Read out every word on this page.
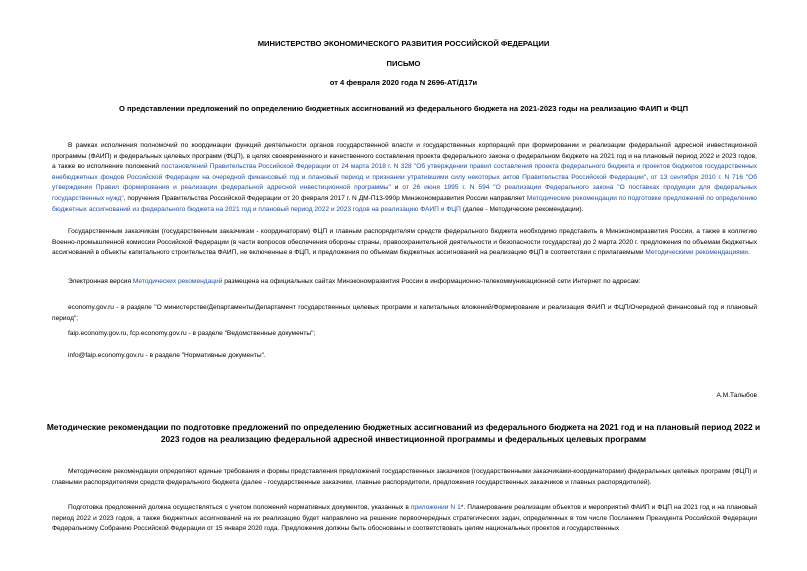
МИНИСТЕРСТВО ЭКОНОМИЧЕСКОГО РАЗВИТИЯ РОССИЙСКОЙ ФЕДЕРАЦИИ
ПИСЬМО
от 4 февраля 2020 года N 2696-АТ/Д17и
О представлении предложений по определению бюджетных ассигнований из федерального бюджета на 2021-2023 годы на реализацию ФАИП и ФЦП
В рамках исполнения полномочий по координации функций деятельности органов государственной власти и государственных корпораций при формировании и реализации федеральной адресной инвестиционной программы (ФАИП) и федеральных целевых программ (ФЦП), в целях своевременного и качественного составления проекта федерального закона о федеральном бюджете на 2021 год и на плановый период 2022 и 2023 годов, а также во исполнение положений постановлений Правительства Российской Федерации от 24 марта 2018 г. N 328 "Об утверждении правил составления проекта федерального бюджета и проектов бюджетов государственных внебюджетных фондов Российской Федерации на очередной финансовый год и плановый период и признании утратившими силу некоторых актов Правительства Российской Федерации", от 13 сентября 2010 г. N 716 "Об утверждении Правил формирования и реализации федеральной адресной инвестиционной программы" и от 26 июня 1995 г. N 594 "О реализации Федерального закона "О поставках продукции для федеральных государственных нужд", поручения Правительства Российской Федерации от 20 февраля 2017 г. N ДМ-П13-990р Минэкономразвития России направляет Методические рекомендации по подготовке предложений по определению бюджетных ассигнований из федерального бюджета на 2021 год и плановый период 2022 и 2023 годов на реализацию ФАИП и ФЦП (далее - Методические рекомендации).
Государственным заказчикам (государственным заказчикам - координаторам) ФЦП и главным распорядителям средств федерального бюджета необходимо представить в Минэкономразвития России, а также в коллегию Военно-промышленной комиссии Российской Федерации (в части вопросов обеспечения обороны страны, правоохранительной деятельности и безопасности государства) до 2 марта 2020 г. предложения по объемам бюджетных ассигнований в объекты капитального строительства ФАИП, не включенные в ФЦП, и предложения по объемам бюджетных ассигнований на реализацию ФЦП в соответствии с прилагаемыми Методическими рекомендациями.
Электронная версия Методических рекомендаций размещена на официальных сайтах Минэкономразвития России в информационно-телекоммуникационной сети Интернет по адресам:
economy.gov.ru - в разделе "О министерстве/Департаменты/Департамент государственных целевых программ и капитальных вложений/Формирование и реализация ФАИП и ФЦП/Очередной финансовый год и плановый период";
faip.economy.gov.ru, fcp.economy.gov.ru - в разделе "Ведомственные документы";
info@faip.economy.gov.ru - в разделе "Нормативные документы".
А.М.Талыбов
Методические рекомендации по подготовке предложений по определению бюджетных ассигнований из федерального бюджета на 2021 год и на плановый период 2022 и 2023 годов на реализацию федеральной адресной инвестиционной программы и федеральных целевых программ
Методические рекомендации определяют единые требования и формы представления предложений государственных заказчиков (государственными заказчиками-координаторами) федеральных целевых программ (ФЦП) и главными распорядителями средств федерального бюджета (далее - государственные заказчики, главные распорядители, предложения государственных заказчиков и главных распорядителей).
Подготовка предложений должна осуществляться с учетом положений нормативных документов, указанных в приложении N 1*. Планирование реализации объектов и мероприятий ФАИП и ФЦП на 2021 год и на плановый период 2022 и 2023 годов, а также бюджетных ассигнований на их реализацию будет направлено на решение первоочередных стратегических задач, определенных в том числе Посланием Президента Российской Федерации Федеральному Собранию Российской Федерации от 15 января 2020 года. Предложения должны быть обоснованы и соответствовать целям национальных проектов и государственных
